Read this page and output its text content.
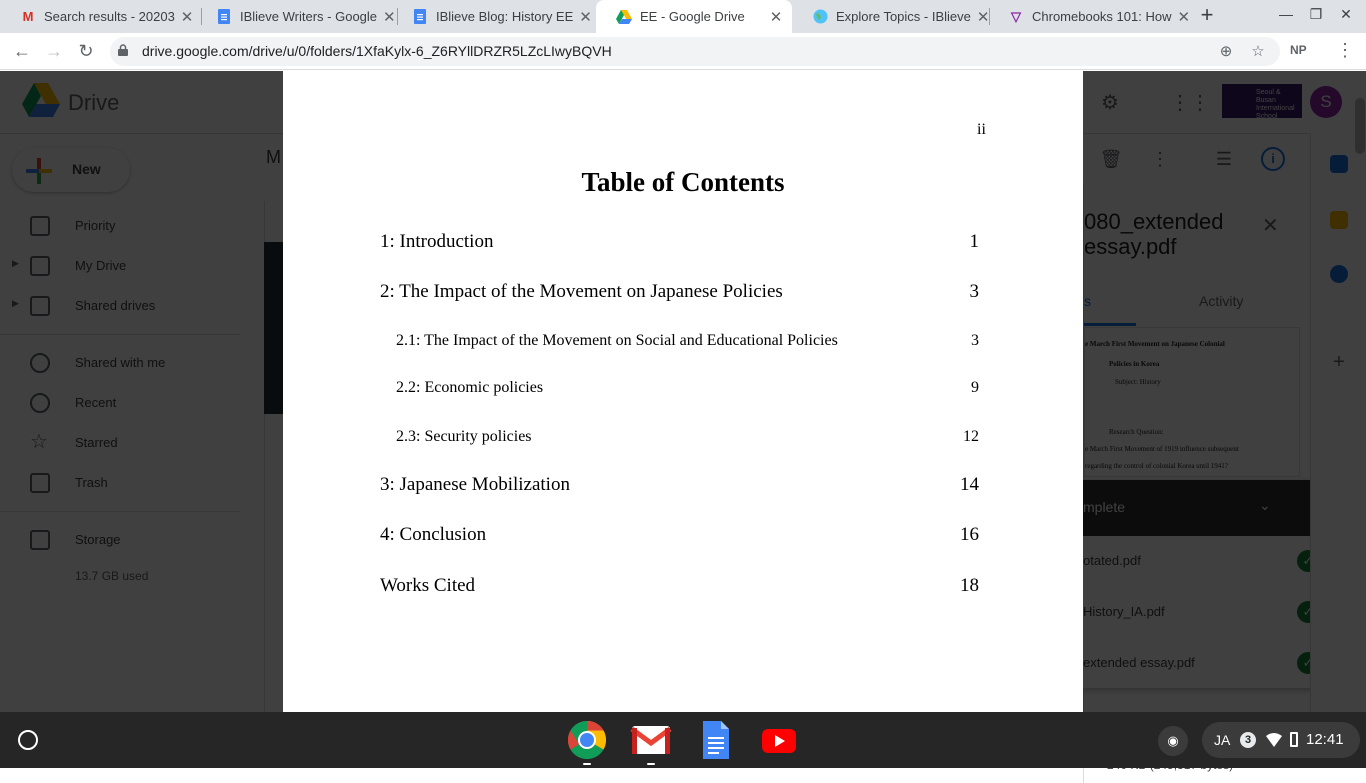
M Search results - 20203 ✕	IBlieve Writers - Google ✕	IBlieve Blog: History EE ✕	EE - Google Drive	✕	Explore Topics - IBlieve ✕ ▽ Chromebooks 101: How ✕ +	— ❐ ✕
← → ↻	drive.google.com/drive/u/0/folders/1XfaKylx-6_Z6RYllDRZR5LZcLIwyBQVH	⊕ ☆ NP ⋮

ii
Table of Contents
1: Introduction	1
2: The Impact of the Movement on Japanese Policies	3
2.1: The Impact of the Movement on Social and Educational Policies	3
2.2: Economic policies	9
2.3: Security policies	12
3: Japanese Mobilization	14
4: Conclusion	16
Works Cited	18
◉	JA	3	12:41
